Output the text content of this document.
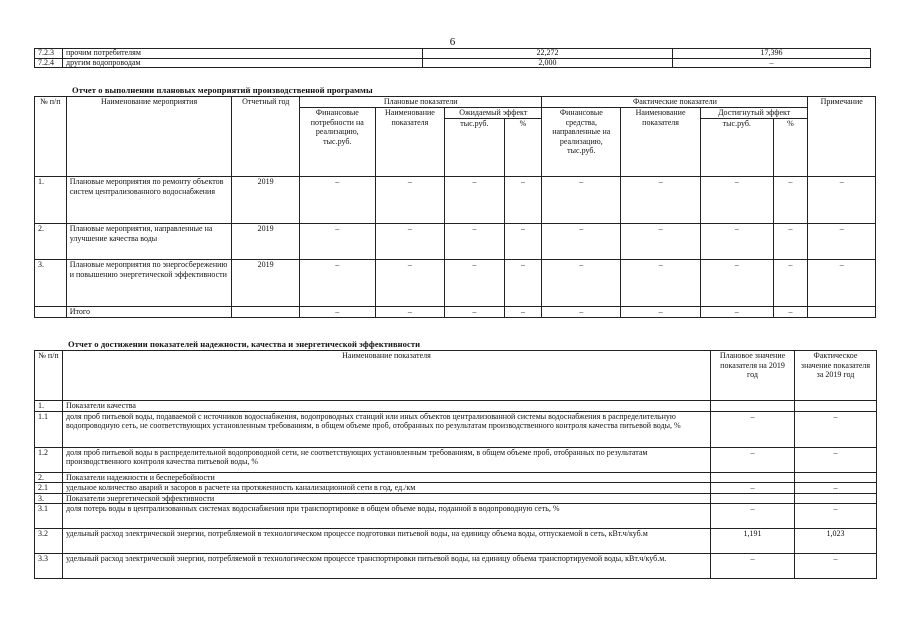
6
7.2.3	прочим потребителям	22,272	17,396
7.2.4	другим водопроводам	2,000	–
Отчет о выполнении плановых мероприятий производственной программы
№ п/п	Наименование мероприятия	Отчетный год	Плановые показатели				Фактические показатели				Примечание
			Финансовые потребности на реализацию, тыс.руб.	Наименование показателя	Ожидаемый эффект		Финансовые средства, направленные на реализацию, тыс.руб.	Наименование показателя	Достигнутый эффект		
					тыс.руб.	%			тыс.руб.	%	
1.	Плановые мероприятия по ремонту объектов систем централизованного водоснабжения	2019	–	–	–	–	–	–	–	–	–
2.	Плановые мероприятия, направленные на улучшение качества воды	2019	–	–	–	–	–	–	–	–	–
3.	Плановые мероприятия по энергосбережению и повышению энергетической эффективности	2019	–	–	–	–	–	–	–	–	–
	Итого		–	–	–	–	–	–	–	–	
Отчет о достижении показателей надежности, качества и энергетической эффективности
№ п/п	Наименование показателя	Плановое значение показателя на 2019 год	Фактическое значение показателя за 2019 год
1.	Показатели качества		
1.1	доля проб питьевой воды, подаваемой с источников водоснабжения, водопроводных станций или иных объектов централизованной системы водоснабжения в распределительную водопроводную сеть, не соответствующих установленным требованиям, в общем объеме проб, отобранных по результатам производственного контроля качества питьевой воды, %	–	–
1.2	доля проб питьевой воды в распределительной водопроводной сети, не соответствующих установленным требованиям, в общем объеме проб, отобранных по результатам производственного контроля качества питьевой воды, %	–	–
2.	Показатели надежности и бесперебойности		
2.1	удельное количество аварий и засоров в расчете на протяженность канализационной сети в год, ед./км	–	–
3.	Показатели энергетической эффективности		
3.1	доля потерь воды в централизованных системах водоснабжения при транспортировке в общем объеме воды, поданной в водопроводную сеть, %	–	–
3.2	удельный расход электрической энергии, потребляемой в технологическом процессе подготовки питьевой воды, на единицу объема воды, отпускаемой в сеть, кВт.ч/куб.м	1,191	1,023
3.3	удельный расход электрической энергии, потребляемой в технологическом процессе транспортировки питьевой воды, на единицу объема транспортируемой воды, кВт.ч/куб.м.	–	–
